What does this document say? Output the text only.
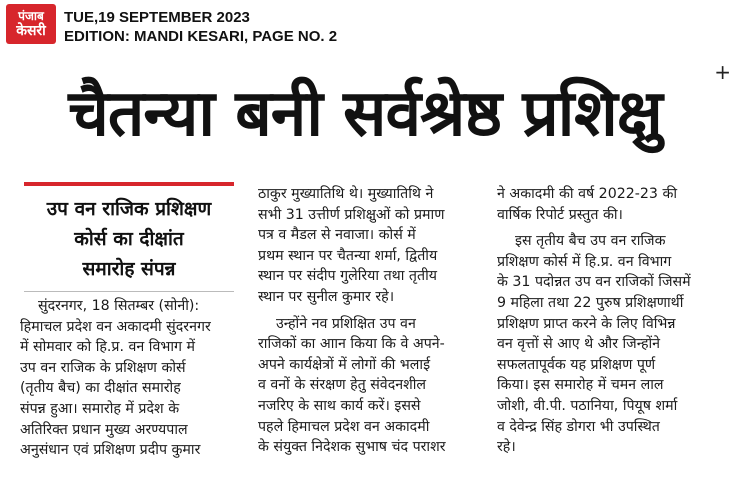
पंजाब
केसरी
TUE,19 SEPTEMBER 2023
EDITION: MANDI KESARI, PAGE NO. 2
+
चैतन्या बनी सर्वश्रेष्ठ प्रशिक्षु
उप वन राजिक प्रशिक्षण
कोर्स का दीक्षांत
समारोह संपन्न
सुंदरनगर, 18 सितम्बर (सोनी):
हिमाचल प्रदेश वन अकादमी सुंदरनगर
में सोमवार को हि.प्र. वन विभाग में
उप वन राजिक के प्रशिक्षण कोर्स
(तृतीय बैच) का दीक्षांत समारोह
संपन्न हुआ। समारोह में प्रदेश के
अतिरिक्त प्रधान मुख्य अरण्यपाल
अनुसंधान एवं प्रशिक्षण प्रदीप कुमार
ठाकुर मुख्यातिथि थे। मुख्यातिथि ने
सभी 31 उत्तीर्ण प्रशिक्षुओं को प्रमाण
पत्र व मैडल से नवाजा। कोर्स में
प्रथम स्थान पर चैतन्या शर्मा, द्वितीय
स्थान पर संदीप गुलेरिया तथा तृतीय
स्थान पर सुनील कुमार रहे।
उन्होंने नव प्रशिक्षित उप वन
राजिकों का आान किया कि वे अपने-
अपने कार्यक्षेत्रों में लोगों की भलाई
व वनों के संरक्षण हेतु संवेदनशील
नजरिए के साथ कार्य करें। इससे
पहले हिमाचल प्रदेश वन अकादमी
के संयुक्त निदेशक सुभाष चंद पराशर
ने अकादमी की वर्ष 2022-23 की
वार्षिक रिपोर्ट प्रस्तुत की।
इस तृतीय बैच उप वन राजिक
प्रशिक्षण कोर्स में हि.प्र. वन विभाग
के 31 पदोन्नत उप वन राजिकों जिसमें
9 महिला तथा 22 पुरुष प्रशिक्षणार्थी
प्रशिक्षण प्राप्त करने के लिए विभिन्न
वन वृत्तों से आए थे और जिन्होंने
सफलतापूर्वक यह प्रशिक्षण पूर्ण
किया। इस समारोह में चमन लाल
जोशी, वी.पी. पठानिया, पियूष शर्मा
व देवेन्द्र सिंह डोगरा भी उपस्थित
रहे।
